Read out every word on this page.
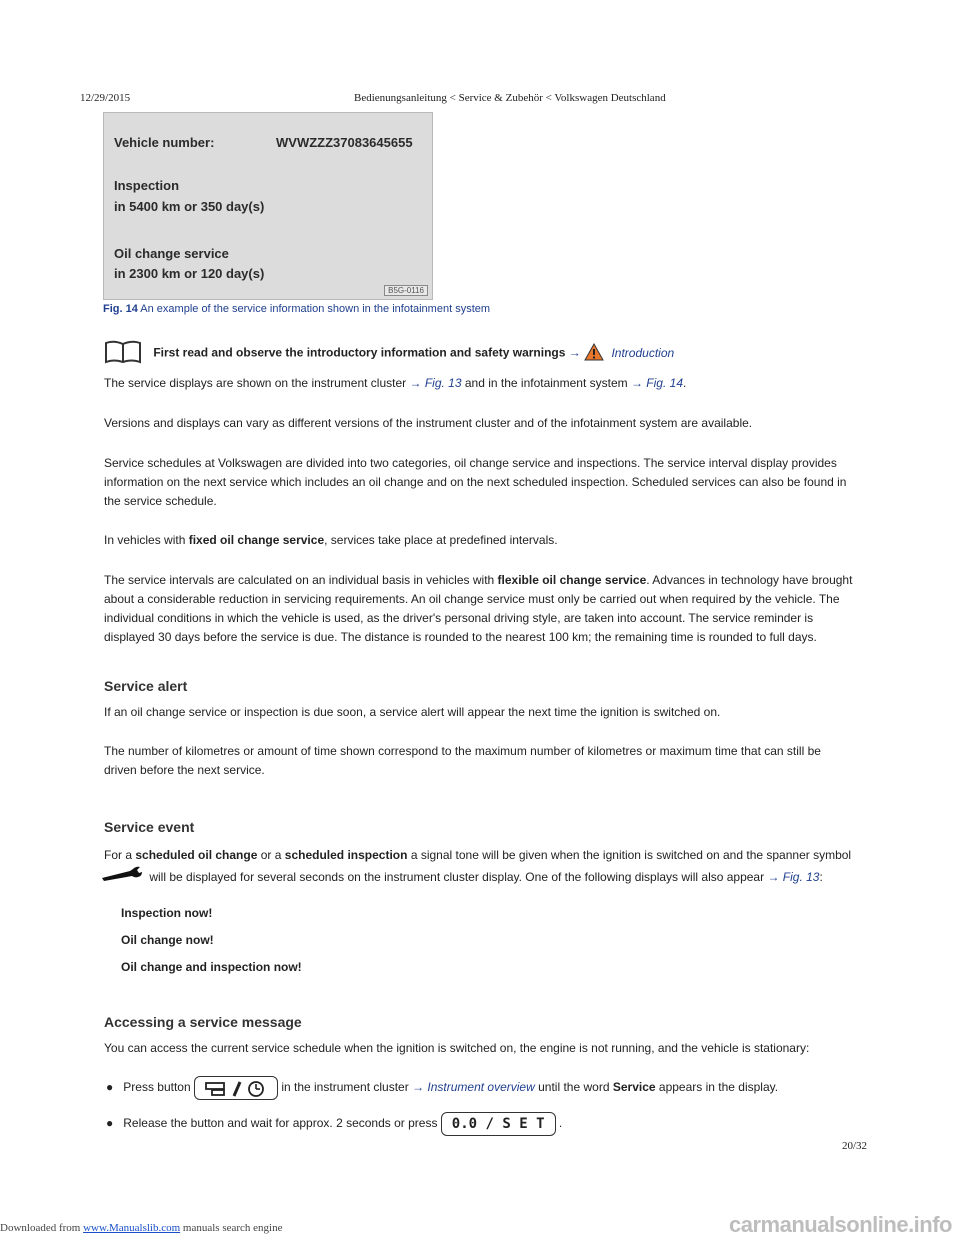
12/29/2015	Bedienungsanleitung < Service & Zubehör < Volkswagen Deutschland
Vehicle number:	WVWZZZ37083645655
Inspection
in 5400 km or 350 day(s)
Oil change service
in 2300 km or 120 day(s)
B5G-0116
Fig. 14 An example of the service information shown in the infotainment system
First read and observe the introductory information and safety warnings →	Introduction
The service displays are shown on the instrument cluster → Fig. 13 and in the infotainment system → Fig. 14.
Versions and displays can vary as different versions of the instrument cluster and of the infotainment system are available.
Service schedules at Volkswagen are divided into two categories, oil change service and inspections. The service interval display provides information on the next service which includes an oil change and on the next scheduled inspection. Scheduled services can also be found in the service schedule.
In vehicles with fixed oil change service, services take place at predefined intervals.
The service intervals are calculated on an individual basis in vehicles with flexible oil change service. Advances in technology have brought about a considerable reduction in servicing requirements. An oil change service must only be carried out when required by the vehicle. The individual conditions in which the vehicle is used, as the driver's personal driving style, are taken into account. The service reminder is displayed 30 days before the service is due. The distance is rounded to the nearest 100 km; the remaining time is rounded to full days.
Service alert
If an oil change service or inspection is due soon, a service alert will appear the next time the ignition is switched on.
The number of kilometres or amount of time shown correspond to the maximum number of kilometres or maximum time that can still be driven before the next service.
Service event
For a scheduled oil change or a scheduled inspection a signal tone will be given when the ignition is switched on and the spanner symbol
will be displayed for several seconds on the instrument cluster display. One of the following displays will also appear → Fig. 13:
Inspection now!
Oil change now!
Oil change and inspection now!
Accessing a service message
You can access the current service schedule when the ignition is switched on, the engine is not running, and the vehicle is stationary:
● Press button	in the instrument cluster → Instrument overview until the word Service appears in the display.
● Release the button and wait for approx. 2 seconds or press 0.0 / S E T .
20/32
Downloaded from www.Manualslib.com manuals search engine	carmanualsonline.info
